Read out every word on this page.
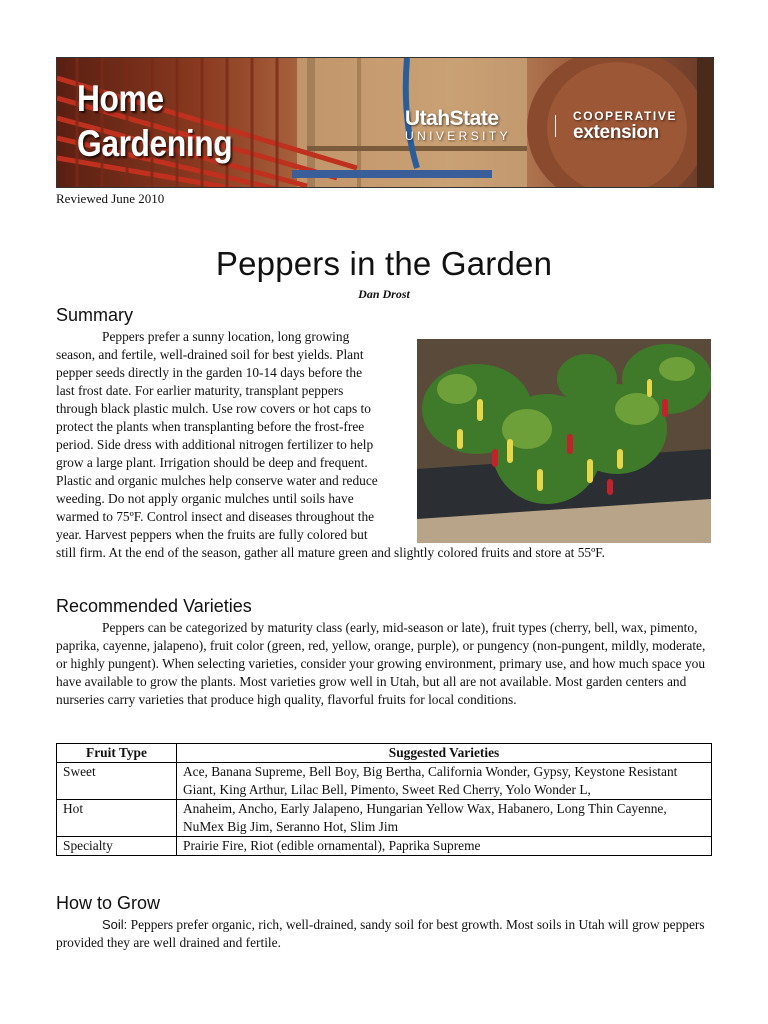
Home
Gardening
UtahState
UNIVERSITY
COOPERATIVE
extension
Reviewed June 2010
Peppers in the Garden
Dan Drost
Summary
Peppers prefer a sunny location, long growing season, and fertile, well-drained soil for best yields. Plant pepper seeds directly in the garden 10-14 days before the last frost date. For earlier maturity, transplant peppers through black plastic mulch. Use row covers or hot caps to protect the plants when transplanting before the frost-free period. Side dress with additional nitrogen fertilizer to help grow a large plant. Irrigation should be deep and frequent. Plastic and organic mulches help conserve water and reduce weeding. Do not apply organic mulches until soils have warmed to 75ºF. Control insect and diseases throughout the year. Harvest peppers when the fruits are fully colored but still firm. At the end of the season, gather all mature green and slightly colored fruits and store at 55ºF.
Recommended Varieties

Peppers can be categorized by maturity class (early, mid-season or late), fruit types (cherry, bell, wax, pimento, paprika, cayenne, jalapeno), fruit color (green, red, yellow, orange, purple), or pungency (non-pungent, mildly, moderate, or highly pungent). When selecting varieties, consider your growing environment, primary use, and how much space you have available to grow the plants. Most varieties grow well in Utah, but all are not available. Most garden centers and nurseries carry varieties that produce high quality, flavorful fruits for local conditions.

Fruit Type	Suggested Varieties
Sweet	Ace, Banana Supreme, Bell Boy, Big Bertha, California Wonder, Gypsy, Keystone Resistant Giant, King Arthur, Lilac Bell, Pimento, Sweet Red Cherry, Yolo Wonder L,
Hot	Anaheim, Ancho, Early Jalapeno, Hungarian Yellow Wax, Habanero, Long Thin Cayenne, NuMex Big Jim, Seranno Hot, Slim Jim
Specialty	Prairie Fire, Riot (edible ornamental), Paprika Supreme
How to Grow

Soil: Peppers prefer organic, rich, well-drained, sandy soil for best growth. Most soils in Utah will grow peppers provided they are well drained and fertile.
